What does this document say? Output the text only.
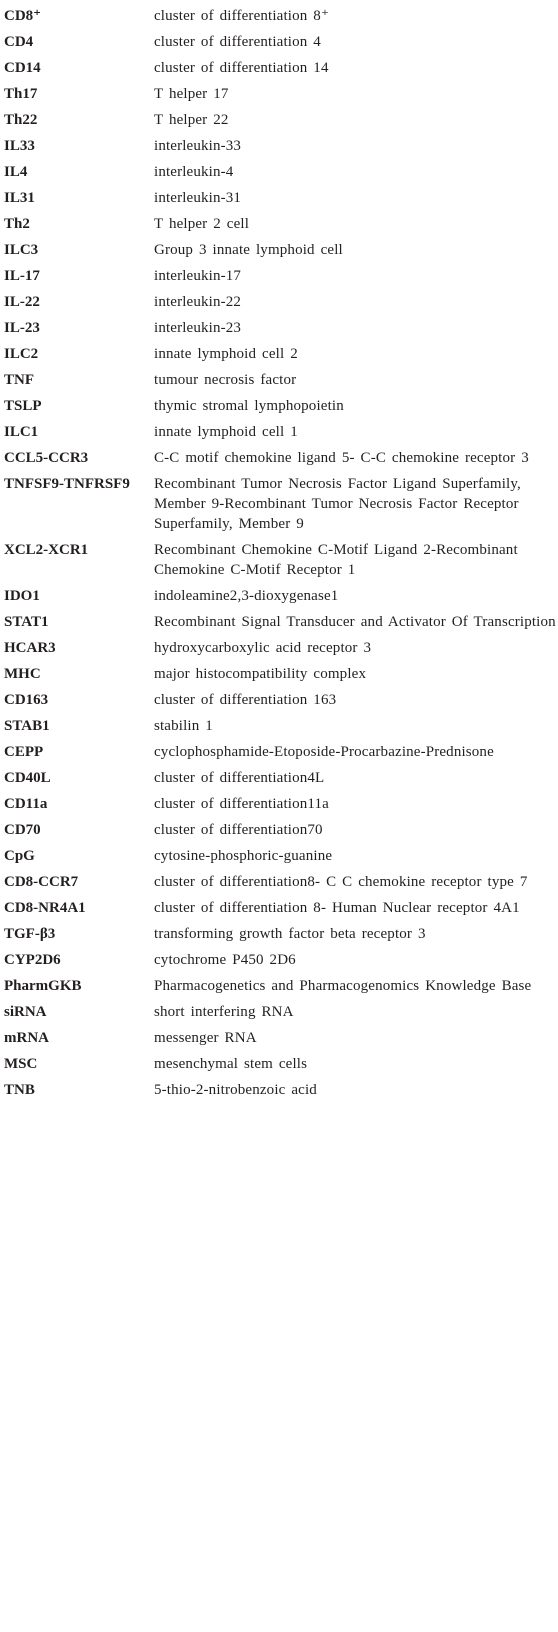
CD8⁺	cluster of differentiation 8⁺
CD4	cluster of differentiation 4
CD14	cluster of differentiation 14
Th17	T helper 17
Th22	T helper 22
IL33	interleukin-33
IL4	interleukin-4
IL31	interleukin-31
Th2	T helper 2 cell
ILC3	Group 3 innate lymphoid cell
IL-17	interleukin-17
IL-22	interleukin-22
IL-23	interleukin-23
ILC2	innate lymphoid cell 2
TNF	tumour necrosis factor
TSLP	thymic stromal lymphopoietin
ILC1	innate lymphoid cell 1
CCL5-CCR3	C-C motif chemokine ligand 5- C-C chemokine receptor 3
TNFSF9-TNFRSF9	Recombinant Tumor Necrosis Factor Ligand Superfamily, Member 9-Recombinant Tumor Necrosis Factor Receptor Superfamily, Member 9
XCL2-XCR1	Recombinant Chemokine C-Motif Ligand 2-Recombinant Chemokine C-Motif Receptor 1
IDO1	indoleamine2,3-dioxygenase1
STAT1	Recombinant Signal Transducer and Activator Of Transcription
HCAR3	hydroxycarboxylic acid receptor 3
MHC	major histocompatibility complex
CD163	cluster of differentiation 163
STAB1	stabilin 1
CEPP	cyclophosphamide-Etoposide-Procarbazine-Prednisone
CD40L	cluster of differentiation4L
CD11a	cluster of differentiation11a
CD70	cluster of differentiation70
CpG	cytosine-phosphoric-guanine
CD8-CCR7	cluster of differentiation8- C C chemokine receptor type 7
CD8-NR4A1	cluster of differentiation 8- Human Nuclear receptor 4A1
TGF-β3	transforming growth factor beta receptor 3
CYP2D6	cytochrome P450 2D6
PharmGKB	Pharmacogenetics and Pharmacogenomics Knowledge Base
siRNA	short interfering RNA
mRNA	messenger RNA
MSC	mesenchymal stem cells
TNB	5-thio-2-nitrobenzoic acid
